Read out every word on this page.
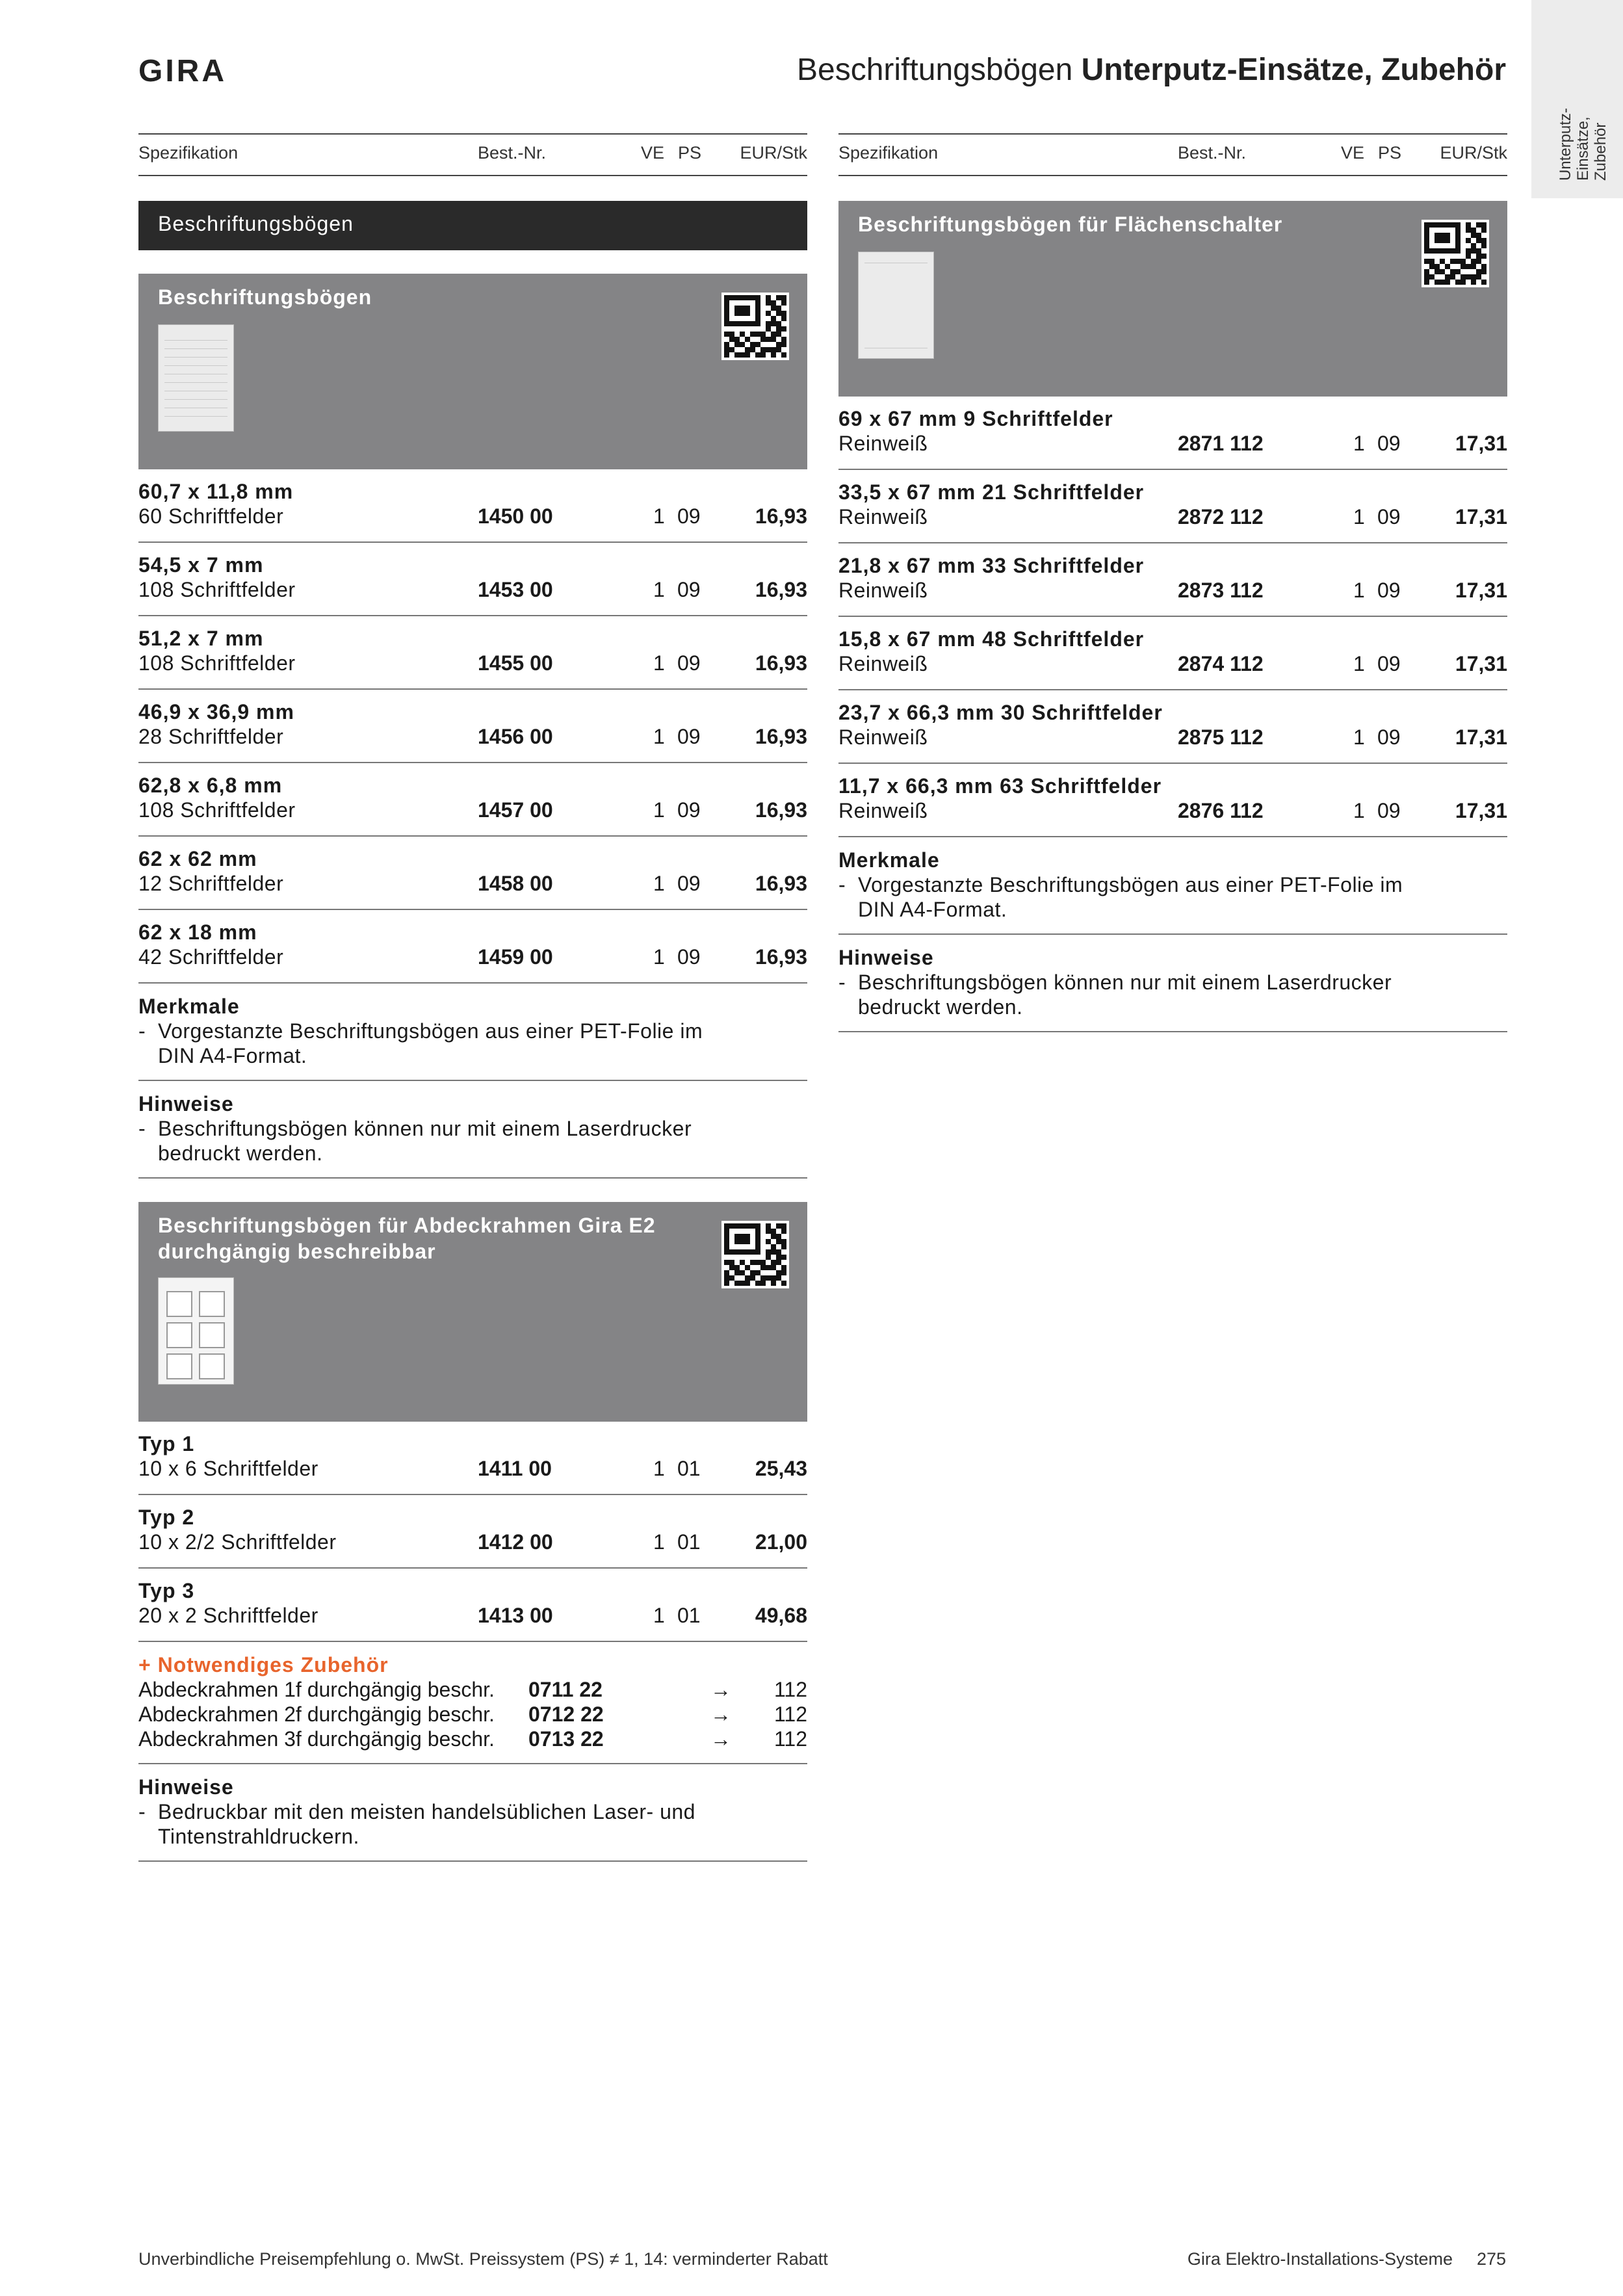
GIRA	Beschriftungsbögen Unterputz-Einsätze, Zubehör
Unterputz- Einsätze, Zubehör
Spezifikation	Best.-Nr.	VE PS EUR/Stk
Beschriftungsbögen
Beschriftungsbögen
60,7 x 11,8 mm
60 Schriftfelder	1450 00	1 09	16,93
54,5 x 7 mm
108 Schriftfelder	1453 00	1 09	16,93
51,2 x 7 mm
108 Schriftfelder	1455 00	1 09	16,93
46,9 x 36,9 mm
28 Schriftfelder	1456 00	1 09	16,93
62,8 x 6,8 mm
108 Schriftfelder	1457 00	1 09	16,93
62 x 62 mm
12 Schriftfelder	1458 00	1 09	16,93
62 x 18 mm
42 Schriftfelder	1459 00	1 09	16,93
Merkmale
- Vorgestanzte Beschriftungsbögen aus einer PET-Folie im
DIN A4-Format.
Hinweise
- Beschriftungsbögen können nur mit einem Laserdrucker
bedruckt werden.
Beschriftungsbögen für Abdeckrahmen Gira E2
durchgängig beschreibbar
Typ 1
10 x 6 Schriftfelder	1411 00	1 01	25,43
Typ 2
10 x 2/2 Schriftfelder	1412 00	1 01	21,00
Typ 3
20 x 2 Schriftfelder	1413 00	1 01	49,68
+ Notwendiges Zubehör
Abdeckrahmen 1f durchgängig beschr. 0711 22	→ 112
Abdeckrahmen 2f durchgängig beschr. 0712 22	→ 112
Abdeckrahmen 3f durchgängig beschr. 0713 22	→ 112
Hinweise
- Bedruckbar mit den meisten handelsüblichen Laser- und
Tintenstrahldruckern.
Spezifikation	Best.-Nr.	VE PS EUR/Stk
Beschriftungsbögen für Flächenschalter
69 x 67 mm 9 Schriftfelder
Reinweiß	2871 112	1 09	17,31
33,5 x 67 mm 21 Schriftfelder
Reinweiß	2872 112	1 09	17,31
21,8 x 67 mm 33 Schriftfelder
Reinweiß	2873 112	1 09	17,31
15,8 x 67 mm 48 Schriftfelder
Reinweiß	2874 112	1 09	17,31
23,7 x 66,3 mm 30 Schriftfelder
Reinweiß	2875 112	1 09	17,31
11,7 x 66,3 mm 63 Schriftfelder
Reinweiß	2876 112	1 09	17,31
Merkmale
- Vorgestanzte Beschriftungsbögen aus einer PET-Folie im
DIN A4-Format.
Hinweise
- Beschriftungsbögen können nur mit einem Laserdrucker
bedruckt werden.
Unverbindliche Preisempfehlung o. MwSt. Preissystem (PS) ≠ 1, 14: verminderter Rabatt	Gira Elektro-Installations-Systeme 275
